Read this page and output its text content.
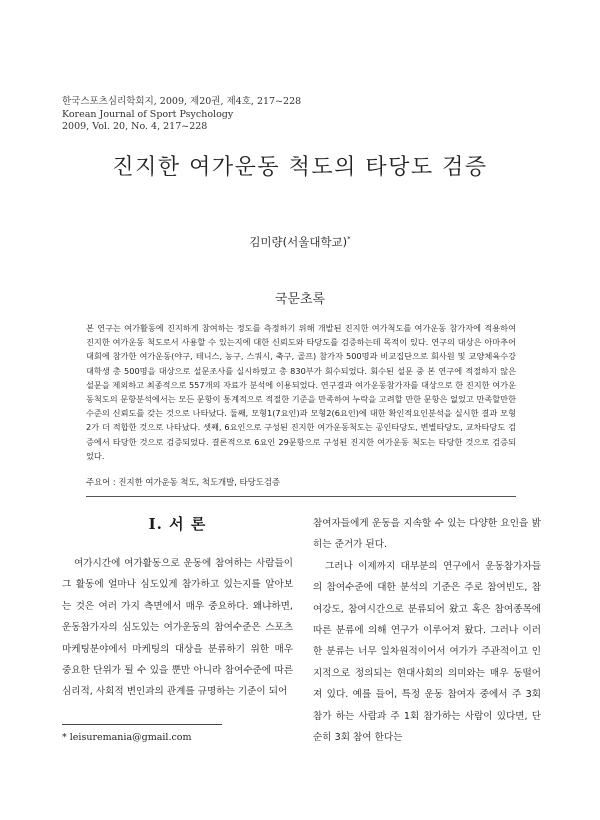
한국스포츠심리학회지, 2009, 제20권, 제4호, 217~228
Korean Journal of Sport Psychology
2009, Vol. 20, No. 4, 217~228
진지한 여가운동 척도의 타당도 검증
김미량(서울대학교)*
국문초록

본 연구는 여가활동에 진지하게 참여하는 정도를 측정하기 위해 개발된 진지한 여가척도를 여가운동 참가자에 적용하여 진지한 여가운동 척도로서 사용할 수 있는지에 대한 신뢰도와 타당도를 검증하는데 목적이 있다. 연구의 대상은 아마추어 대회에 참가한 여가운동(야구, 테니스, 농구, 스쿼시, 축구, 골프) 참가자 500명과 비교집단으로 회사원 및 교양체육수강 대학생 총 500명을 대상으로 설문조사를 실시하였고 총 830부가 회수되었다. 회수된 설문 중 본 연구에 적절하지 않은 설문을 제외하고 최종적으로 557개의 자료가 분석에 이용되었다. 연구결과 여가운동참가자를 대상으로 한 진지한 여가운동척도의 문항분석에서는 모든 문항이 통계적으로 적절한 기준을 만족하여 누락을 고려할 만한 문항은 없었고 만족할만한 수준의 신뢰도를 갖는 것으로 나타났다. 둘째, 모형1(7요인)과 모형2(6요인)에 대한 확인적요인분석을 실시한 결과 모형2가 더 적합한 것으로 나타났다. 셋째, 6요인으로 구성된 진지한 여가운동척도는 공인타당도, 변별타당도, 교차타당도 검증에서 타당한 것으로 검증되었다. 결론적으로 6요인 29문항으로 구성된 진지한 여가운동 척도는 타당한 것으로 검증되었다.

주요어 : 진지한 여가운동 척도, 척도개발, 타당도검증
I. 서 론

여가시간에 여가활동으로 운동에 참여하는 사람들이 그 활동에 얼마나 심도있게 참가하고 있는지를 알아보는 것은 여러 가지 측면에서 매우 중요하다. 왜냐하면, 운동참가자의 심도있는 여가운동의 참여수준은 스포츠 마케팅분야에서 마케팅의 대상을 분류하기 위한 매우 중요한 단위가 될 수 있을 뿐만 아니라 참여수준에 따른 심리적, 사회적 변인과의 관계를 규명하는 기준이 되어

참여자들에게 운동을 지속할 수 있는 다양한 요인을 밝히는 준거가 된다.

그러나 이제까지 대부분의 연구에서 운동참가자들의 참여수준에 대한 분석의 기준은 주로 참여빈도, 참여강도, 참여시간으로 분류되어 왔고 혹은 참여종목에 따른 분류에 의해 연구가 이루어져 왔다. 그러나 이러한 분류는 너무 일차원적이어서 여가가 주관적이고 인지적으로 정의되는 현대사회의 의미와는 매우 동떨어져 있다. 예를 들어, 특정 운동 참여자 중에서 주 3회 참가 하는 사람과 주 1회 참가하는 사람이 있다면, 단순히 3회 참여 한다는

* leisuremania@gmail.com
